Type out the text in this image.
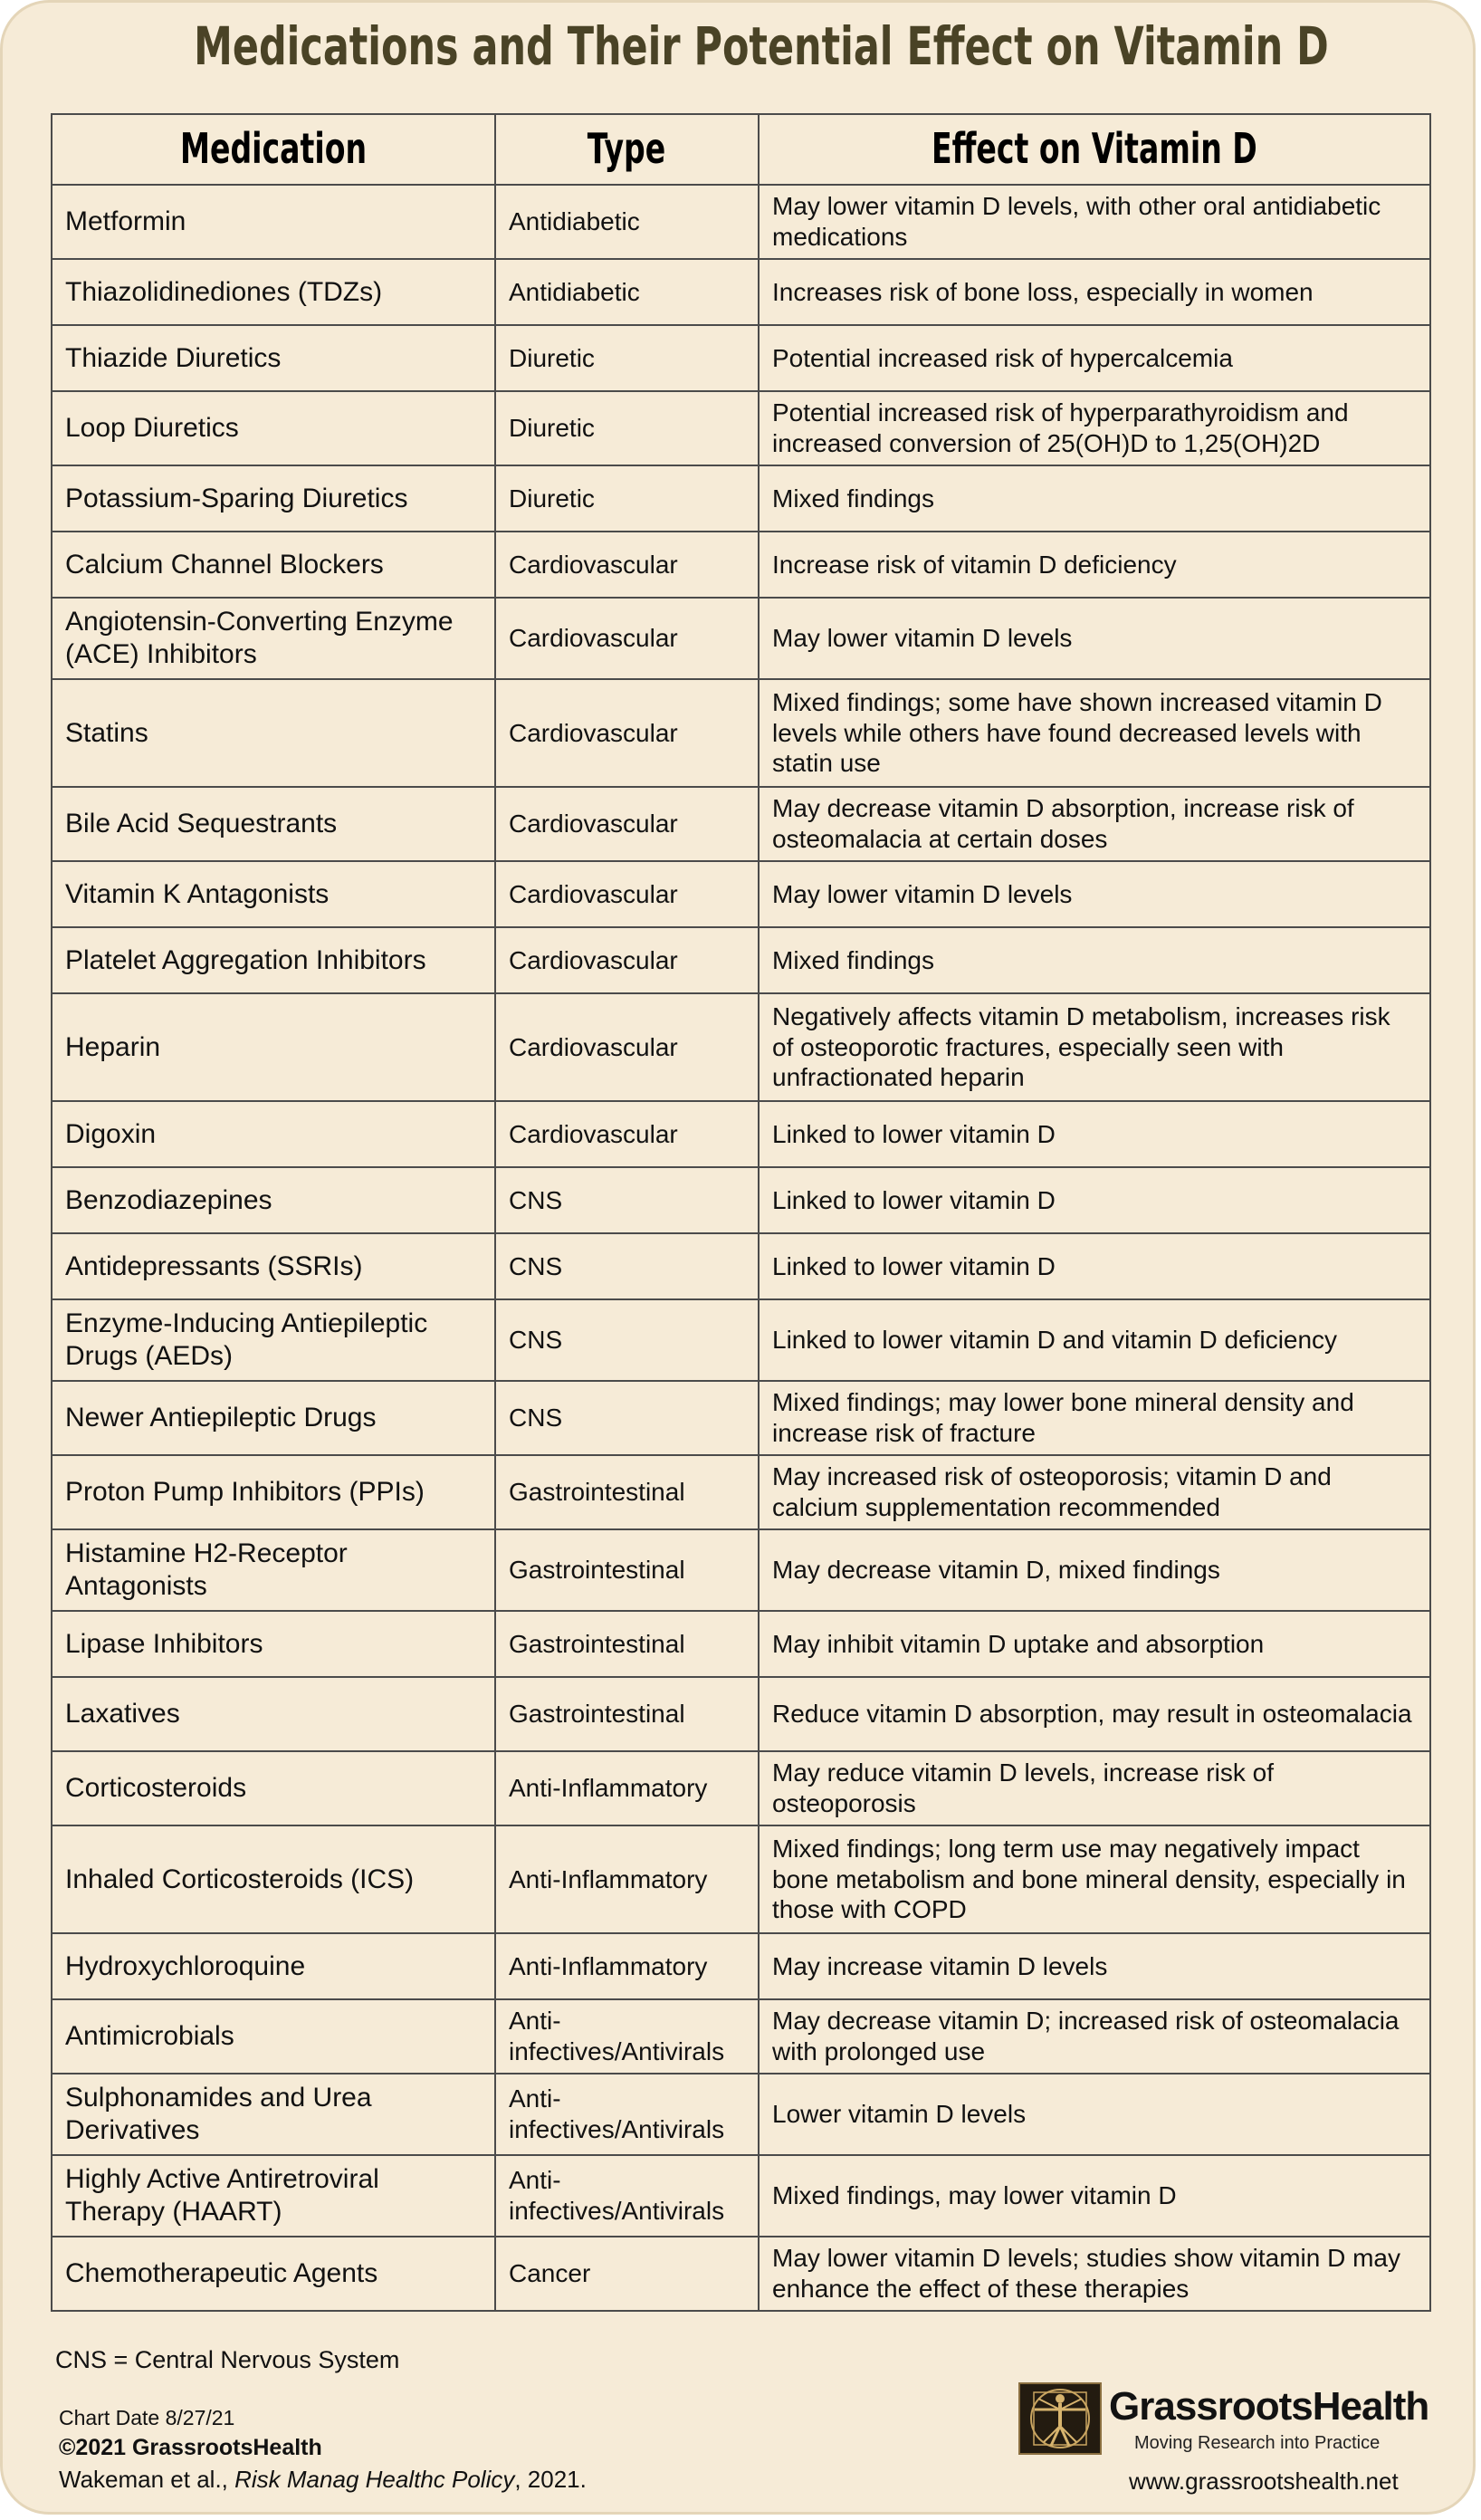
Medications and Their Potential Effect on Vitamin D
Medication	Type	Effect on Vitamin D
Metformin	Antidiabetic	May lower vitamin D levels, with other oral antidiabetic medications
Thiazolidinediones (TDZs)	Antidiabetic	Increases risk of bone loss, especially in women
Thiazide Diuretics	Diuretic	Potential increased risk of hypercalcemia
Loop Diuretics	Diuretic	Potential increased risk of hyperparathyroidism and increased conversion of 25(OH)D to 1,25(OH)2D
Potassium-Sparing Diuretics	Diuretic	Mixed findings
Calcium Channel Blockers	Cardiovascular	Increase risk of vitamin D deficiency
Angiotensin-Converting Enzyme (ACE) Inhibitors	Cardiovascular	May lower vitamin D levels
Statins	Cardiovascular	Mixed findings; some have shown increased vitamin D levels while others have found decreased levels with statin use
Bile Acid Sequestrants	Cardiovascular	May decrease vitamin D absorption, increase risk of osteomalacia at certain doses
Vitamin K Antagonists	Cardiovascular	May lower vitamin D levels
Platelet Aggregation Inhibitors	Cardiovascular	Mixed findings
Heparin	Cardiovascular	Negatively affects vitamin D metabolism, increases risk of osteoporotic fractures, especially seen with unfractionated heparin
Digoxin	Cardiovascular	Linked to lower vitamin D
Benzodiazepines	CNS	Linked to lower vitamin D
Antidepressants (SSRIs)	CNS	Linked to lower vitamin D
Enzyme-Inducing Antiepileptic Drugs (AEDs)	CNS	Linked to lower vitamin D and vitamin D deficiency
Newer Antiepileptic Drugs	CNS	Mixed findings; may lower bone mineral density and increase risk of fracture
Proton Pump Inhibitors (PPIs)	Gastrointestinal	May increased risk of osteoporosis; vitamin D and calcium supplementation recommended
Histamine H2-Receptor Antagonists	Gastrointestinal	May decrease vitamin D, mixed findings
Lipase Inhibitors	Gastrointestinal	May inhibit vitamin D uptake and absorption
Laxatives	Gastrointestinal	Reduce vitamin D absorption, may result in osteomalacia
Corticosteroids	Anti-Inflammatory	May reduce vitamin D levels, increase risk of osteoporosis
Inhaled Corticosteroids (ICS)	Anti-Inflammatory	Mixed findings; long term use may negatively impact bone metabolism and bone mineral density, especially in those with COPD
Hydroxychloroquine	Anti-Inflammatory	May increase vitamin D levels
Antimicrobials	Anti-infectives/Antivirals	May decrease vitamin D; increased risk of osteomalacia with prolonged use
Sulphonamides and Urea Derivatives	Anti-infectives/Antivirals	Lower vitamin D levels
Highly Active Antiretroviral Therapy (HAART)	Anti-infectives/Antivirals	Mixed findings, may lower vitamin D
Chemotherapeutic Agents	Cancer	May lower vitamin D levels; studies show vitamin D may enhance the effect of these therapies
CNS = Central Nervous System
Chart Date 8/27/21
©2021 GrassrootsHealth
Wakeman et al., Risk Manag Healthc Policy, 2021.
GrassrootsHealth
Moving Research into Practice
www.grassrootshealth.net
